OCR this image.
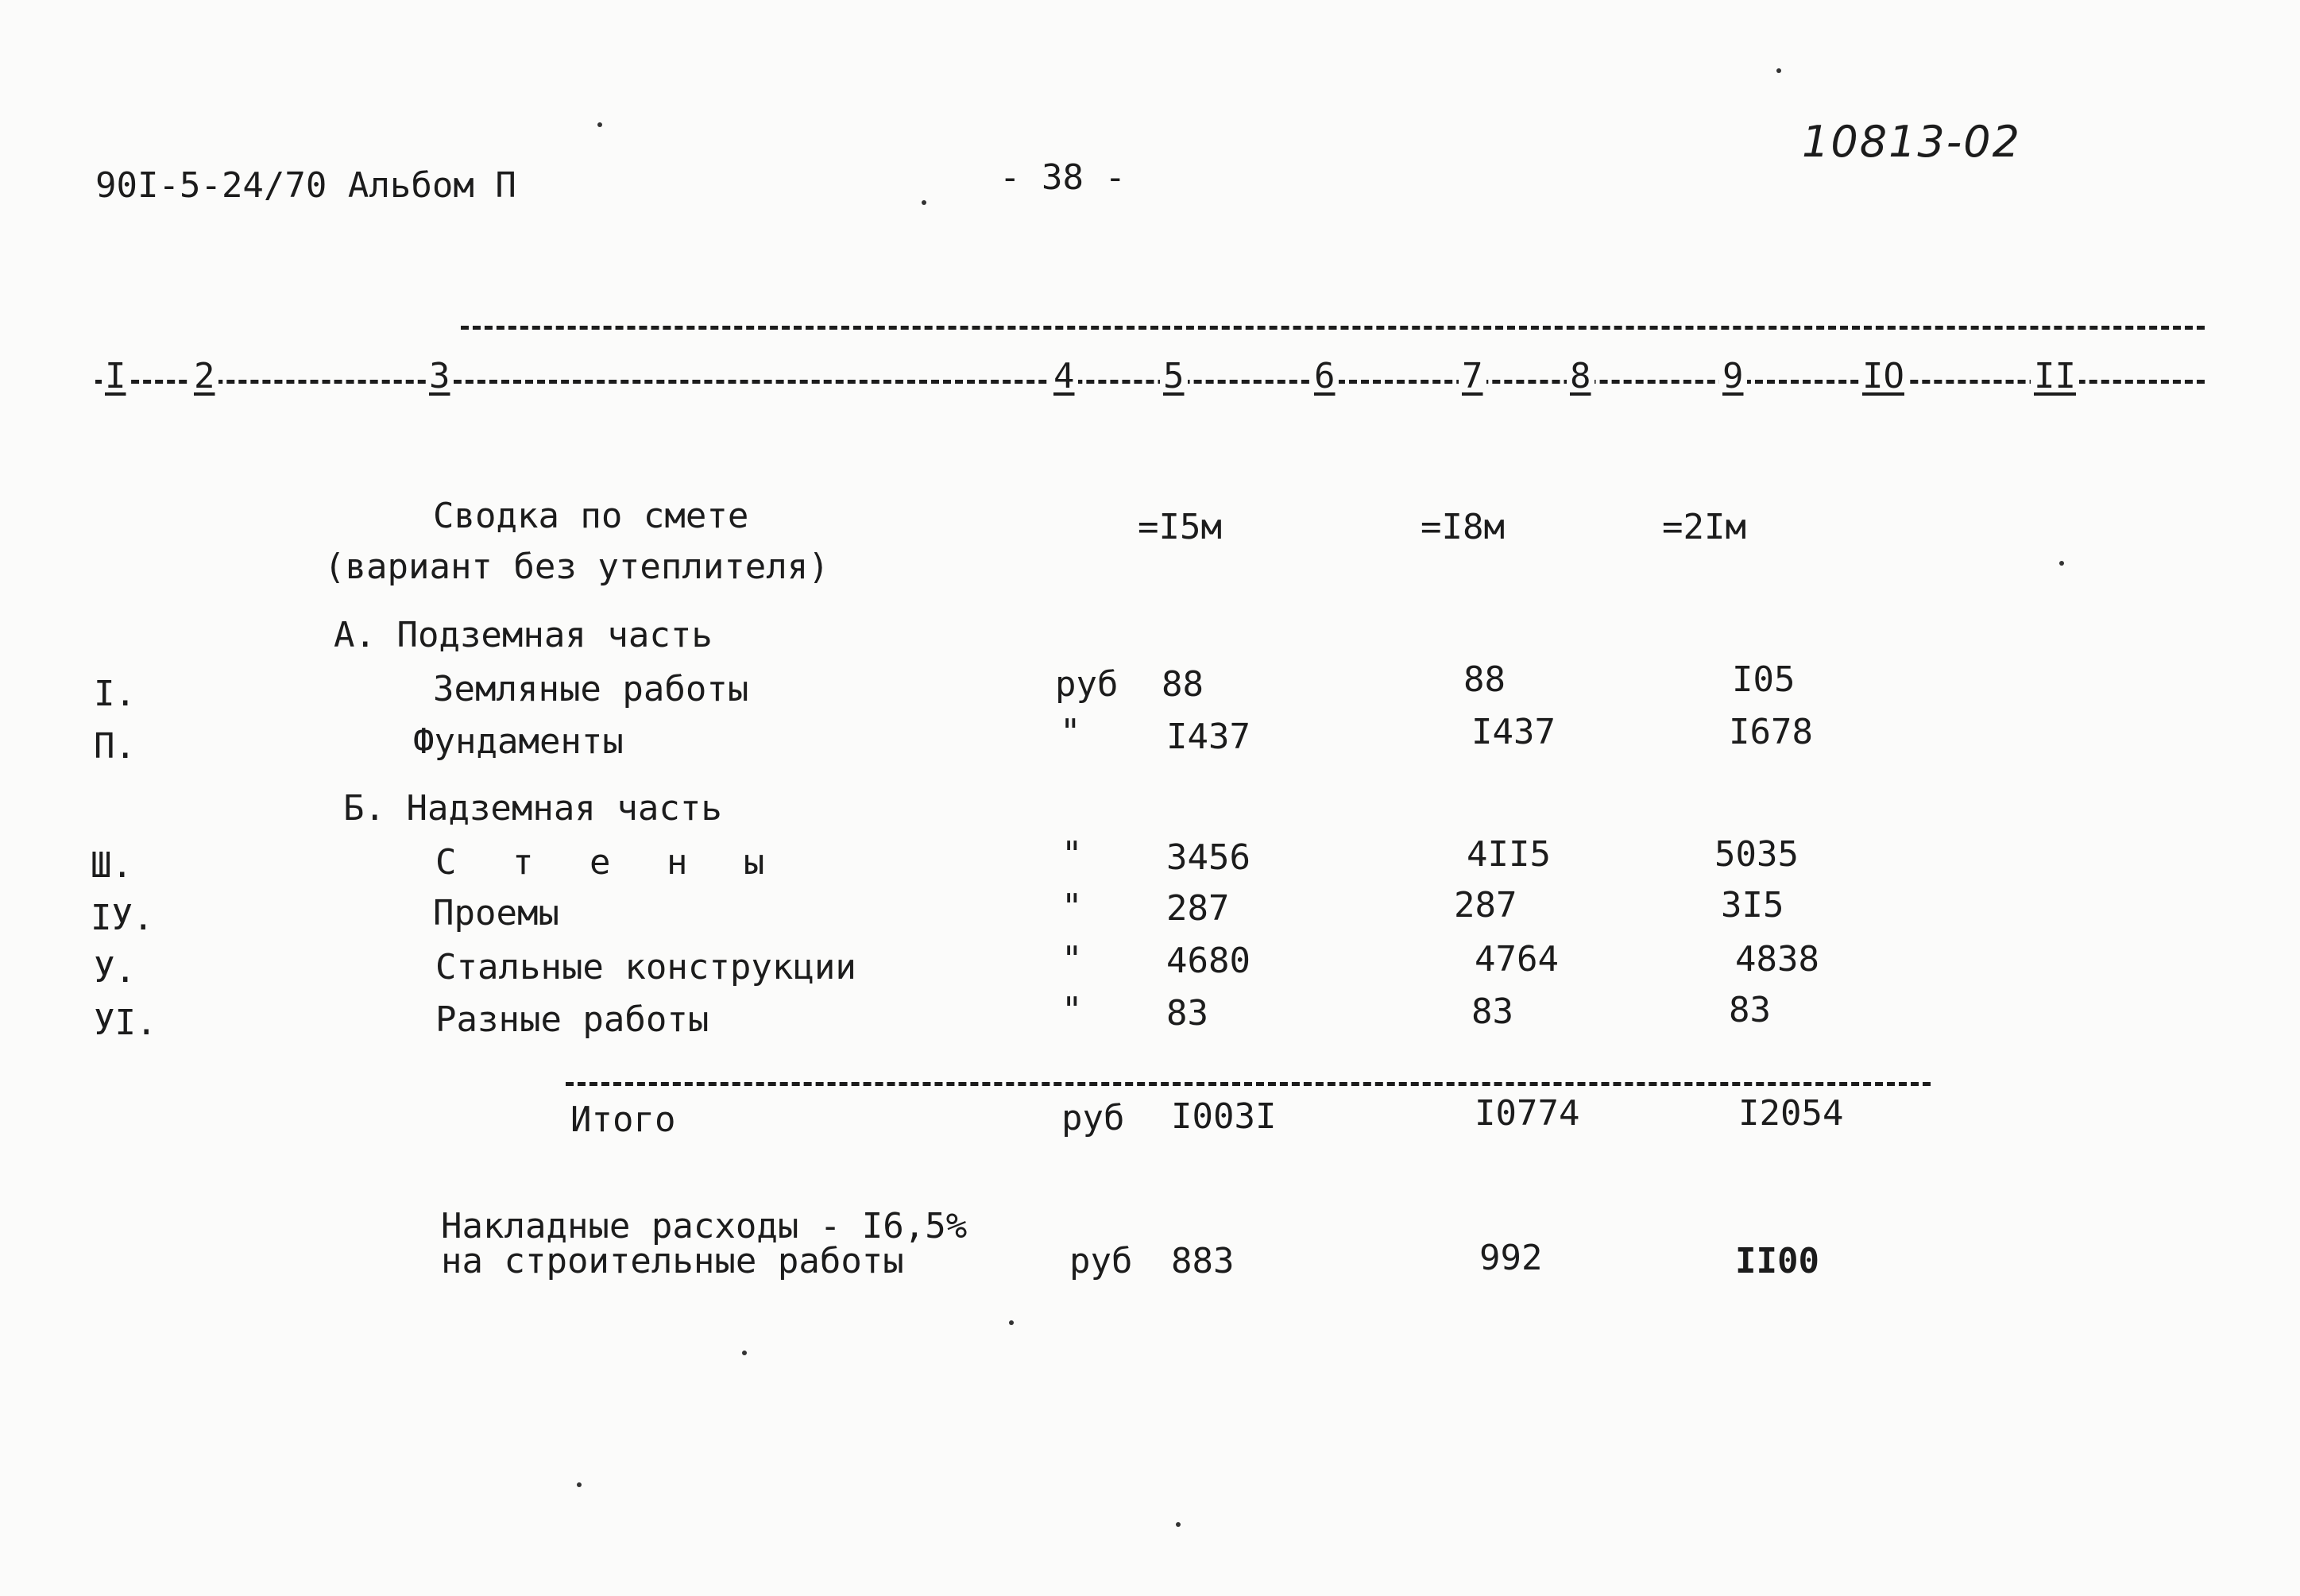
90I-5-24/70 Альбом П	- 38 -
10813-02
I 2	3	4	5	6	7 8	9	IO	II
Сводка по смете
(вариант без утеплителя)
=I5м	=I8м	=2Iм
А. Подземная часть
I.	Земляные работы	руб 88	88	I05
П.	Фундаменты	" I437	I437	I678
Б. Надземная часть
Ш.	С т е н ы	" 3456	4II5	5035
IУ.	Проемы	" 287	287	3I5
У.	Стальные конструкции	" 4680	4764	4838
УI.	Разные работы	" 83	83	83
Итого	руб I003I	I0774	I2054
Накладные расходы - I6,5%
на строительные работы	руб 883	992	II00
